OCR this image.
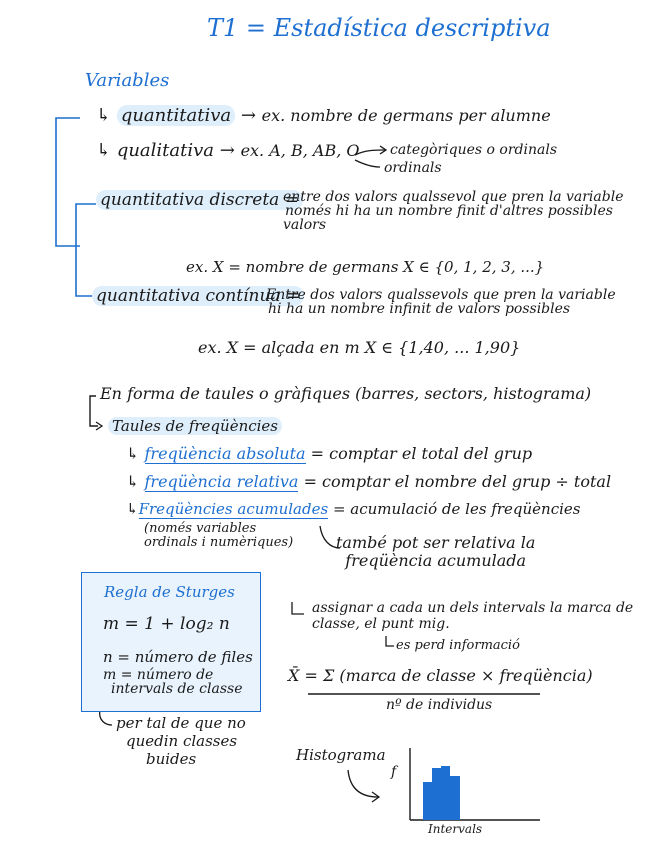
T1 = Estadística descriptiva
Variables
↳ quantitativa → ex. nombre de germans per alumne
↳ qualitativa → ex. A, B, AB, O categòriques o ordinals
ordinals
quantitativa discreta =
entre dos valors qualssevol que pren la variable
només hi ha un nombre finit d'altres possibles
valors
ex. X = nombre de germans X ∈ {0, 1, 2, 3, ...}
quantitativa contínua =
Entre dos valors qualssevols que pren la variable
hi ha un nombre infinit de valors possibles
ex. X = alçada en m X ∈ {1,40, ... 1,90}
En forma de taules o gràfiques (barres, sectors, histograma)
Taules de freqüències
↳ freqüència absoluta = comptar el total del grup
↳ freqüència relativa = comptar el nombre del grup ÷ total
↳Freqüències acumulades = acumulació de les freqüències
(només variables
ordinals i numèriques)	també pot ser relativa la
freqüència acumulada
Regla de Sturges
m = 1 + log₂ n
n = número de files
m = número de
intervals de classe
per tal de que no
quedin classes
buides
assignar a cada un dels intervals la marca de
classe, el punt mig.
es perd informació
X̄ = Σ (marca de classe × freqüència)
nº de individus
Histograma
f
Intervals
